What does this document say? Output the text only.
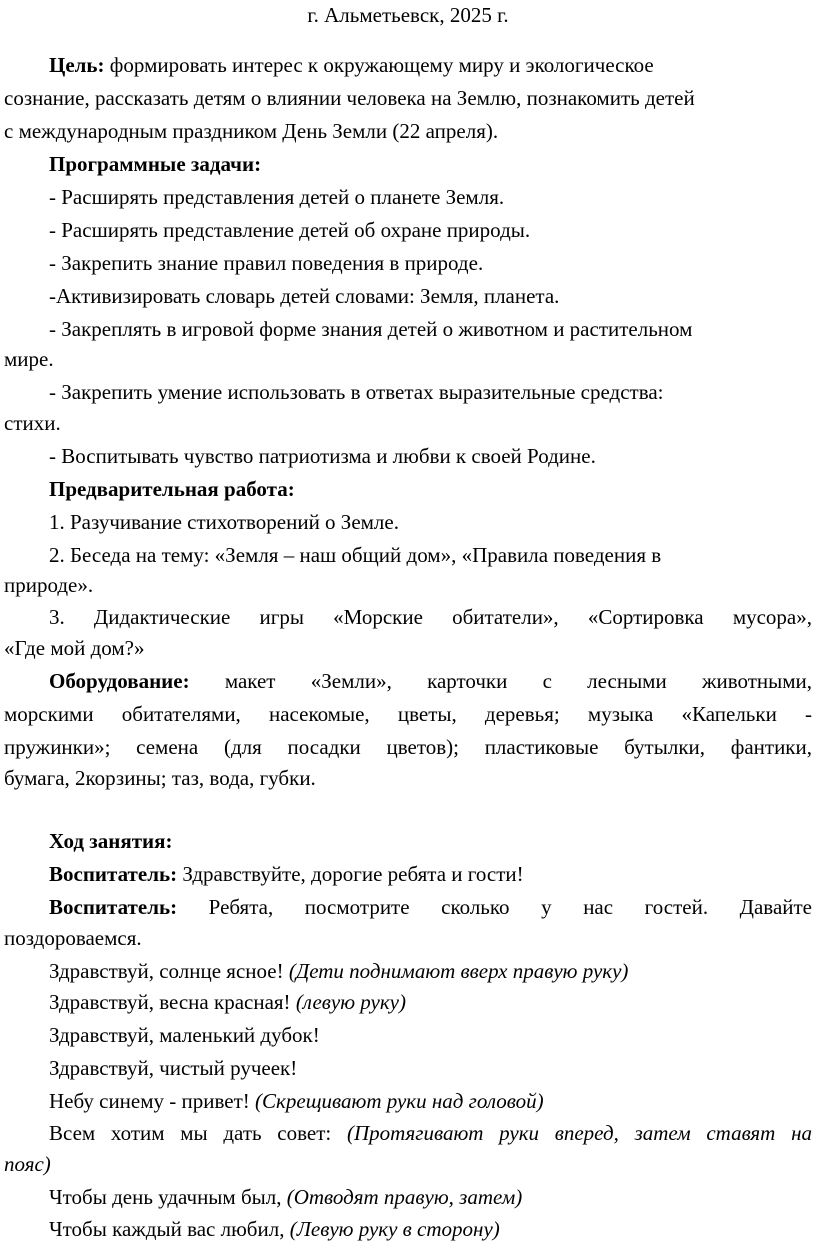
г. Альметьевск, 2025 г.
Цель: формировать интерес к окружающему миру и экологическое
сознание, рассказать детям о влиянии человека на Землю, познакомить детей
с международным праздником День Земли (22 апреля).
Программные задачи:
- Расширять представления детей о планете Земля.
- Расширять представление детей об охране природы.
- Закрепить знание правил поведения в природе.
-Активизировать словарь детей словами: Земля, планета.
- Закреплять в игровой форме знания детей о животном и растительном
мире.
- Закрепить умение использовать в ответах выразительные средства:
стихи.
- Воспитывать чувство патриотизма и любви к своей Родине.
Предварительная работа:
1. Разучивание стихотворений о Земле.
2. Беседа на тему: «Земля – наш общий дом», «Правила поведения в
природе».
3. Дидактические игры «Морские обитатели», «Сортировка мусора»,
«Где мой дом?»
Оборудование: макет «Земли», карточки с лесными животными,
морскими обитателями, насекомые, цветы, деревья; музыка «Капельки -
пружинки»; семена (для посадки цветов); пластиковые бутылки, фантики,
бумага, 2корзины; таз, вода, губки.
Ход занятия:
Воспитатель: Здравствуйте, дорогие ребята и гости!
Воспитатель: Ребята, посмотрите сколько у нас гостей. Давайте
поздороваемся.
Здравствуй, солнце ясное! (Дети поднимают вверх правую руку)
Здравствуй, весна красная! (левую руку)
Здравствуй, маленький дубок!
Здравствуй, чистый ручеек!
Небу синему - привет! (Скрещивают руки над головой)
Всем хотим мы дать совет: (Протягивают руки вперед, затем ставят на
пояс)
Чтобы день удачным был, (Отводят правую, затем)
Чтобы каждый вас любил, (Левую руку в сторону)
